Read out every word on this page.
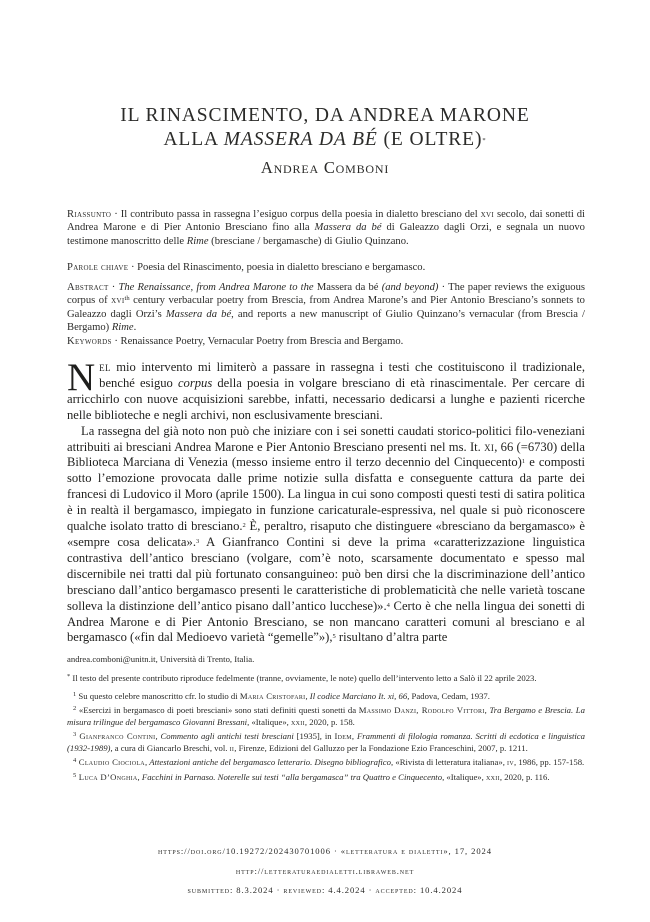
IL RINASCIMENTO, DA ANDREA MARONE
ALLA MASSERA DA BÉ (E OLTRE)*
Andrea Comboni
Riassunto · Il contributo passa in rassegna l’esiguo corpus della poesia in dialetto bresciano del xvi secolo, dai sonetti di Andrea Marone e di Pier Antonio Bresciano fino alla Massera da bé di Galeazzo dagli Orzi, e segnala un nuovo testimone manoscritto delle Rime (bresciane / bergamasche) di Giulio Quinzano.
Parole chiave · Poesia del Rinascimento, poesia in dialetto bresciano e bergamasco.
Abstract · The Renaissance, from Andrea Marone to the Massera da bé (and beyond) · The paper reviews the exiguous corpus of xvi$^{th}$ century verbacular poetry from Brescia, from Andrea Marone’s and Pier Antonio Bresciano’s sonnets to Galeazzo dagli Orzi’s Massera da bé, and reports a new manuscript of Giulio Quinzano’s vernacular (from Brescia / Bergamo) Rime.
Keywords · Renaissance Poetry, Vernacular Poetry from Brescia and Bergamo.

Nel mio intervento mi limiterò a passare in rassegna i testi che costituiscono il tradizionale, benché esiguo corpus della poesia in volgare bresciano di età rinascimentale. Per cercare di arricchirlo con nuove acquisizioni sarebbe, infatti, necessario dedicarsi a lunghe e pazienti ricerche nelle biblioteche e negli archivi, non esclusivamente bresciani.

La rassegna del già noto non può che iniziare con i sei sonetti caudati storico-politici filo-veneziani attribuiti ai bresciani Andrea Marone e Pier Antonio Bresciano presenti nel ms. It. xi, 66 (=6730) della Biblioteca Marciana di Venezia (messo insieme entro il terzo decennio del Cinquecento)$^1$ e composti sotto l’emozione provocata dalle prime notizie sulla disfatta e conseguente cattura da parte dei francesi di Ludovico il Moro (aprile 1500). La lingua in cui sono composti questi testi di satira politica è in realtà il bergamasco, impiegato in funzione caricaturale-espressiva, nel quale si può riconoscere qualche isolato tratto di bresciano.$^2$ È, peraltro, risaputo che distinguere «bresciano da bergamasco» è «sempre cosa delicata».$^3$ A Gianfranco Contini si deve la prima «caratterizzazione linguistica contrastiva dell’antico bresciano (volgare, com’è noto, scarsamente documentato e spesso mal discernibile nei tratti dal più fortunato consanguineo: può ben dirsi che la discriminazione dell’antico bresciano dall’antico bergamasco presenti le caratteristiche di problematicità che nelle varietà toscane solleva la distinzione dell’antico pisano dall’antico lucchese)».$^4$ Certo è che nella lingua dei sonetti di Andrea Marone e di Pier Antonio Bresciano, se non mancano caratteri comuni al bresciano e al bergamasco («fin dal Medioevo varietà “gemelle”»),$^5$ risultano d’altra parte

andrea.comboni@unitn.it, Università di Trento, Italia.

* Il testo del presente contributo riproduce fedelmente (tranne, ovviamente, le note) quello dell’intervento letto a Salò il 22 aprile 2023.

$^1$ Su questo celebre manoscritto cfr. lo studio di Maria Cristofari, Il codice Marciano It. xi, 66, Padova, Cedam, 1937.

$^2$ «Esercizi in bergamasco di poeti bresciani» sono stati definiti questi sonetti da Massimo Danzi, Rodolfo Vittori, Tra Bergamo e Brescia. La misura trilingue del bergamasco Giovanni Bressani, «Italique», xxii, 2020, p. 158.

$^3$ Gianfranco Contini, Commento agli antichi testi bresciani [1935], in Idem, Frammenti di filologia romanza. Scritti di ecdotica e linguistica (1932-1989), a cura di Giancarlo Breschi, vol. ii, Firenze, Edizioni del Galluzzo per la Fondazione Ezio Franceschini, 2007, p. 1211.

$^4$ Claudio Ciociola, Attestazioni antiche del bergamasco letterario. Disegno bibliografico, «Rivista di letteratura italiana», iv, 1986, pp. 157-158.

$^5$ Luca D’Onghia, Facchini in Parnaso. Noterelle sui testi “alla bergamasca” tra Quattro e Cinquecento, «Italique», xxii, 2020, p. 116.

https://doi.org/10.19272/202430701006 · «letteratura e dialetti», 17, 2024
http://letteraturaedialetti.libraweb.net
submitted: 8.3.2024 · reviewed: 4.4.2024 · accepted: 10.4.2024
